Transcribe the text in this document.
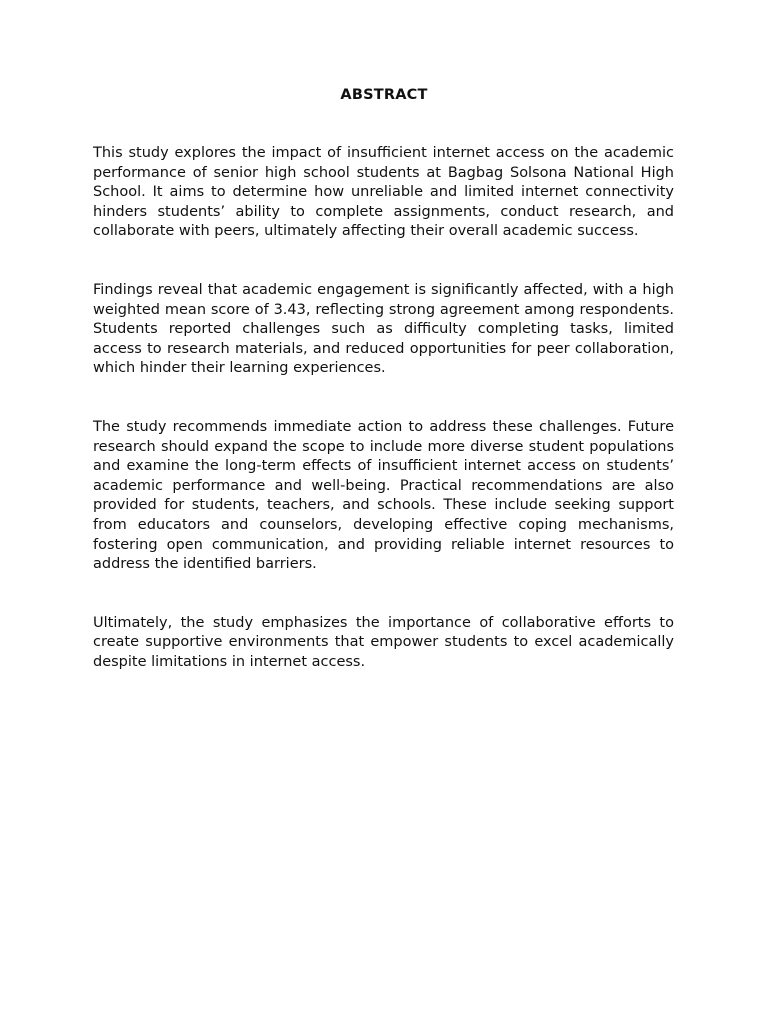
ABSTRACT

This study explores the impact of insufficient internet access on the academic performance of senior high school students at Bagbag Solsona National High School. It aims to determine how unreliable and limited internet connectivity hinders students’ ability to complete assignments, conduct research, and collaborate with peers, ultimately affecting their overall academic success.

Findings reveal that academic engagement is significantly affected, with a high weighted mean score of 3.43, reflecting strong agreement among respondents. Students reported challenges such as difficulty completing tasks, limited access to research materials, and reduced opportunities for peer collaboration, which hinder their learning experiences.

The study recommends immediate action to address these challenges. Future research should expand the scope to include more diverse student populations and examine the long-term effects of insufficient internet access on students’ academic performance and well-being. Practical recommendations are also provided for students, teachers, and schools. These include seeking support from educators and counselors, developing effective coping mechanisms, fostering open communication, and providing reliable internet resources to address the identified barriers.

Ultimately, the study emphasizes the importance of collaborative efforts to create supportive environments that empower students to excel academically despite limitations in internet access.
